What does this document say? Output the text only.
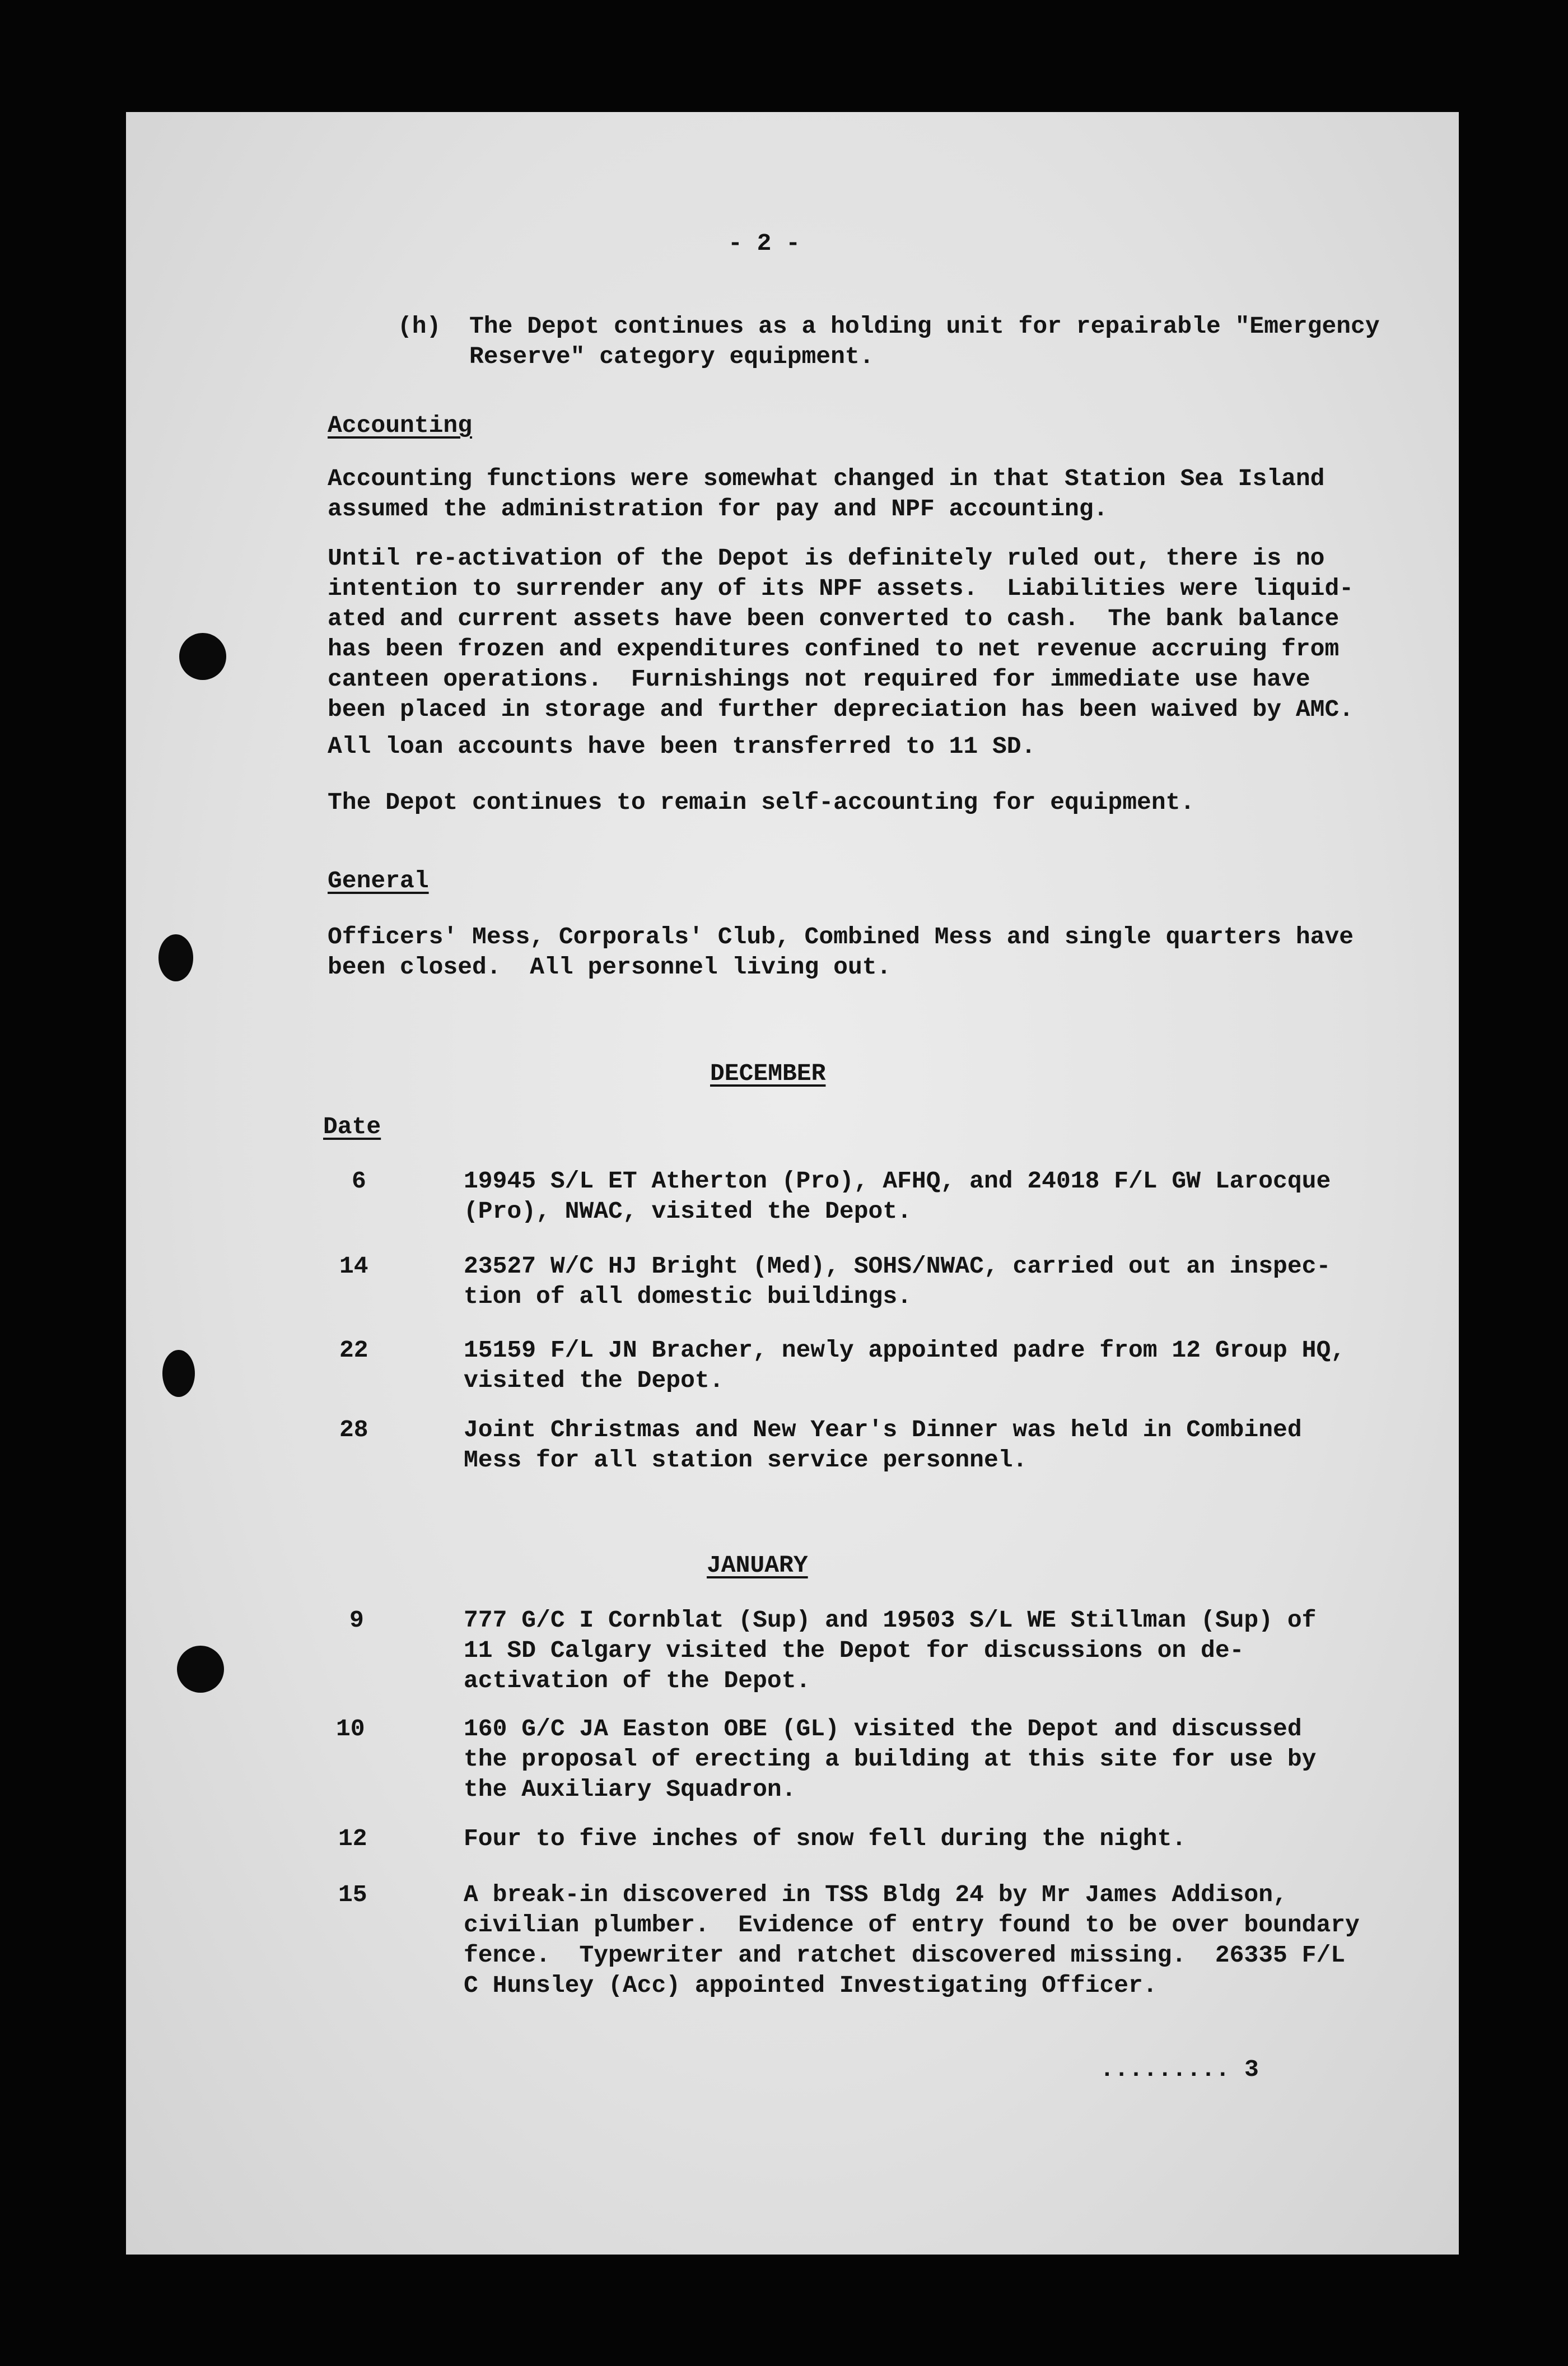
- 2 -
(h) The Depot continues as a holding unit for repairable "Emergency
Reserve" category equipment.
Accounting
Accounting functions were somewhat changed in that Station Sea Island
assumed the administration for pay and NPF accounting.
Until re-activation of the Depot is definitely ruled out, there is no
intention to surrender any of its NPF assets.  Liabilities were liquid-
ated and current assets have been converted to cash.  The bank balance
has been frozen and expenditures confined to net revenue accruing from
canteen operations.  Furnishings not required for immediate use have
been placed in storage and further depreciation has been waived by AMC.
All loan accounts have been transferred to 11 SD.
The Depot continues to remain self-accounting for equipment.
General
Officers' Mess, Corporals' Club, Combined Mess and single quarters have
been closed.  All personnel living out.
DECEMBER
Date
6	19945 S/L ET Atherton (Pro), AFHQ, and 24018 F/L GW Larocque
(Pro), NWAC, visited the Depot.
14	23527 W/C HJ Bright (Med), SOHS/NWAC, carried out an inspec-
tion of all domestic buildings.
22	15159 F/L JN Bracher, newly appointed padre from 12 Group HQ,
visited the Depot.
28	Joint Christmas and New Year's Dinner was held in Combined
Mess for all station service personnel.
JANUARY
9	777 G/C I Cornblat (Sup) and 19503 S/L WE Stillman (Sup) of
11 SD Calgary visited the Depot for discussions on de-
activation of the Depot.
10	160 G/C JA Easton OBE (GL) visited the Depot and discussed
the proposal of erecting a building at this site for use by
the Auxiliary Squadron.
12	Four to five inches of snow fell during the night.
15	A break-in discovered in TSS Bldg 24 by Mr James Addison,
civilian plumber.  Evidence of entry found to be over boundary
fence.  Typewriter and ratchet discovered missing.  26335 F/L
C Hunsley (Acc) appointed Investigating Officer.
......... 3
